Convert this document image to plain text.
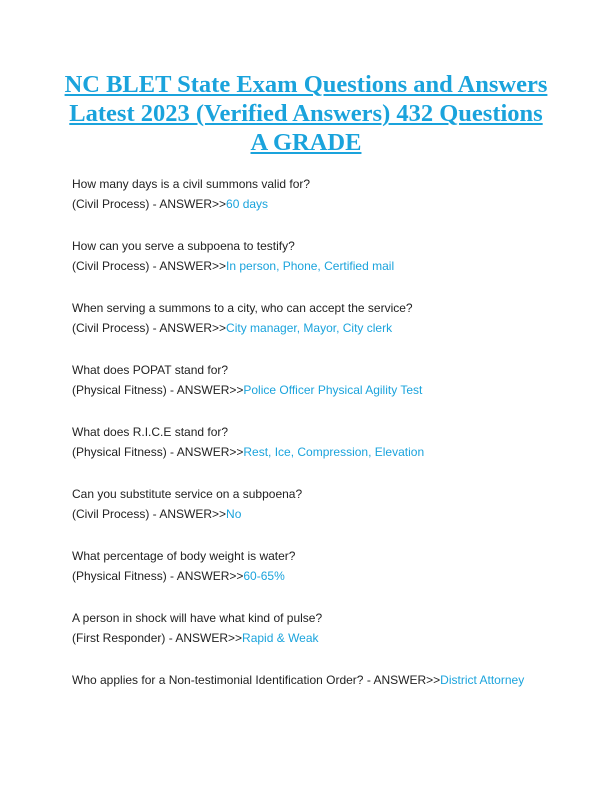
NC BLET State Exam Questions and Answers Latest 2023 (Verified Answers) 432 Questions A GRADE
How many days is a civil summons valid for?
(Civil Process) - ANSWER>>60 days
How can you serve a subpoena to testify?
(Civil Process) - ANSWER>>In person, Phone, Certified mail
When serving a summons to a city, who can accept the service?
(Civil Process) - ANSWER>>City manager, Mayor, City clerk
What does POPAT stand for?
(Physical Fitness) - ANSWER>>Police Officer Physical Agility Test
What does R.I.C.E stand for?
(Physical Fitness) - ANSWER>>Rest, Ice, Compression, Elevation
Can you substitute service on a subpoena?
(Civil Process) - ANSWER>>No
What percentage of body weight is water?
(Physical Fitness) - ANSWER>>60-65%
A person in shock will have what kind of pulse?
(First Responder) - ANSWER>>Rapid & Weak
Who applies for a Non-testimonial Identification Order? - ANSWER>>District Attorney
